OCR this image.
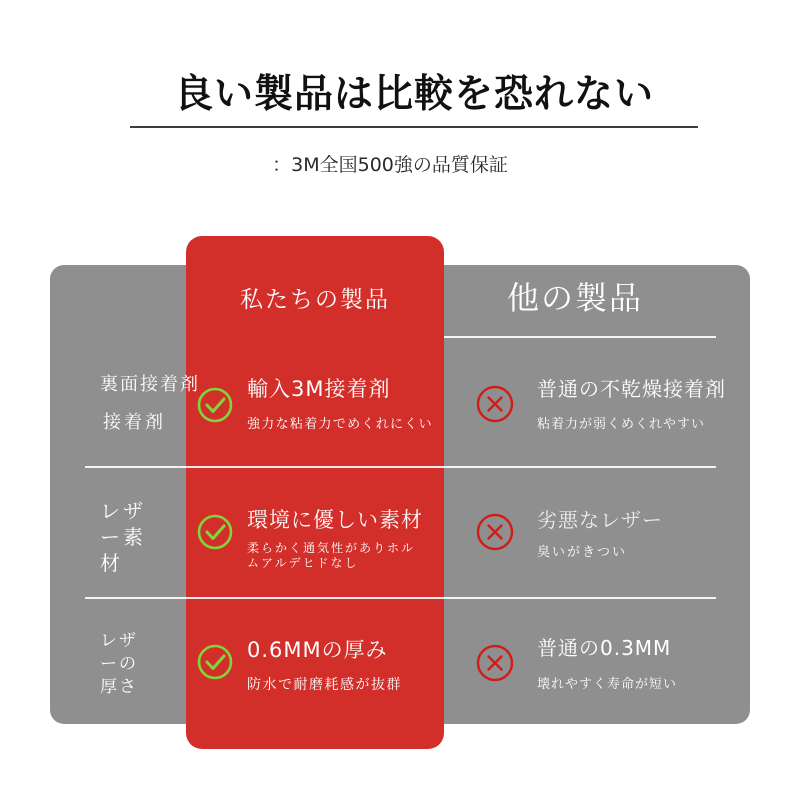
良い製品は比較を恐れない
：3M全国500強の品質保証
私たちの製品	他の製品
裏面接着剤
接着剤
輸入3M接着剤
強力な粘着力でめくれにくい
普通の不乾燥接着剤
粘着力が弱くめくれやすい
レザ
ー素
材
環境に優しい素材
柔らかく通気性がありホル
ムアルデヒドなし
劣悪なレザー
臭いがきつい
レザ
ーの
厚さ
0.6MMの厚み
防水で耐磨耗感が抜群
普通の0.3MM
壊れやすく寿命が短い
